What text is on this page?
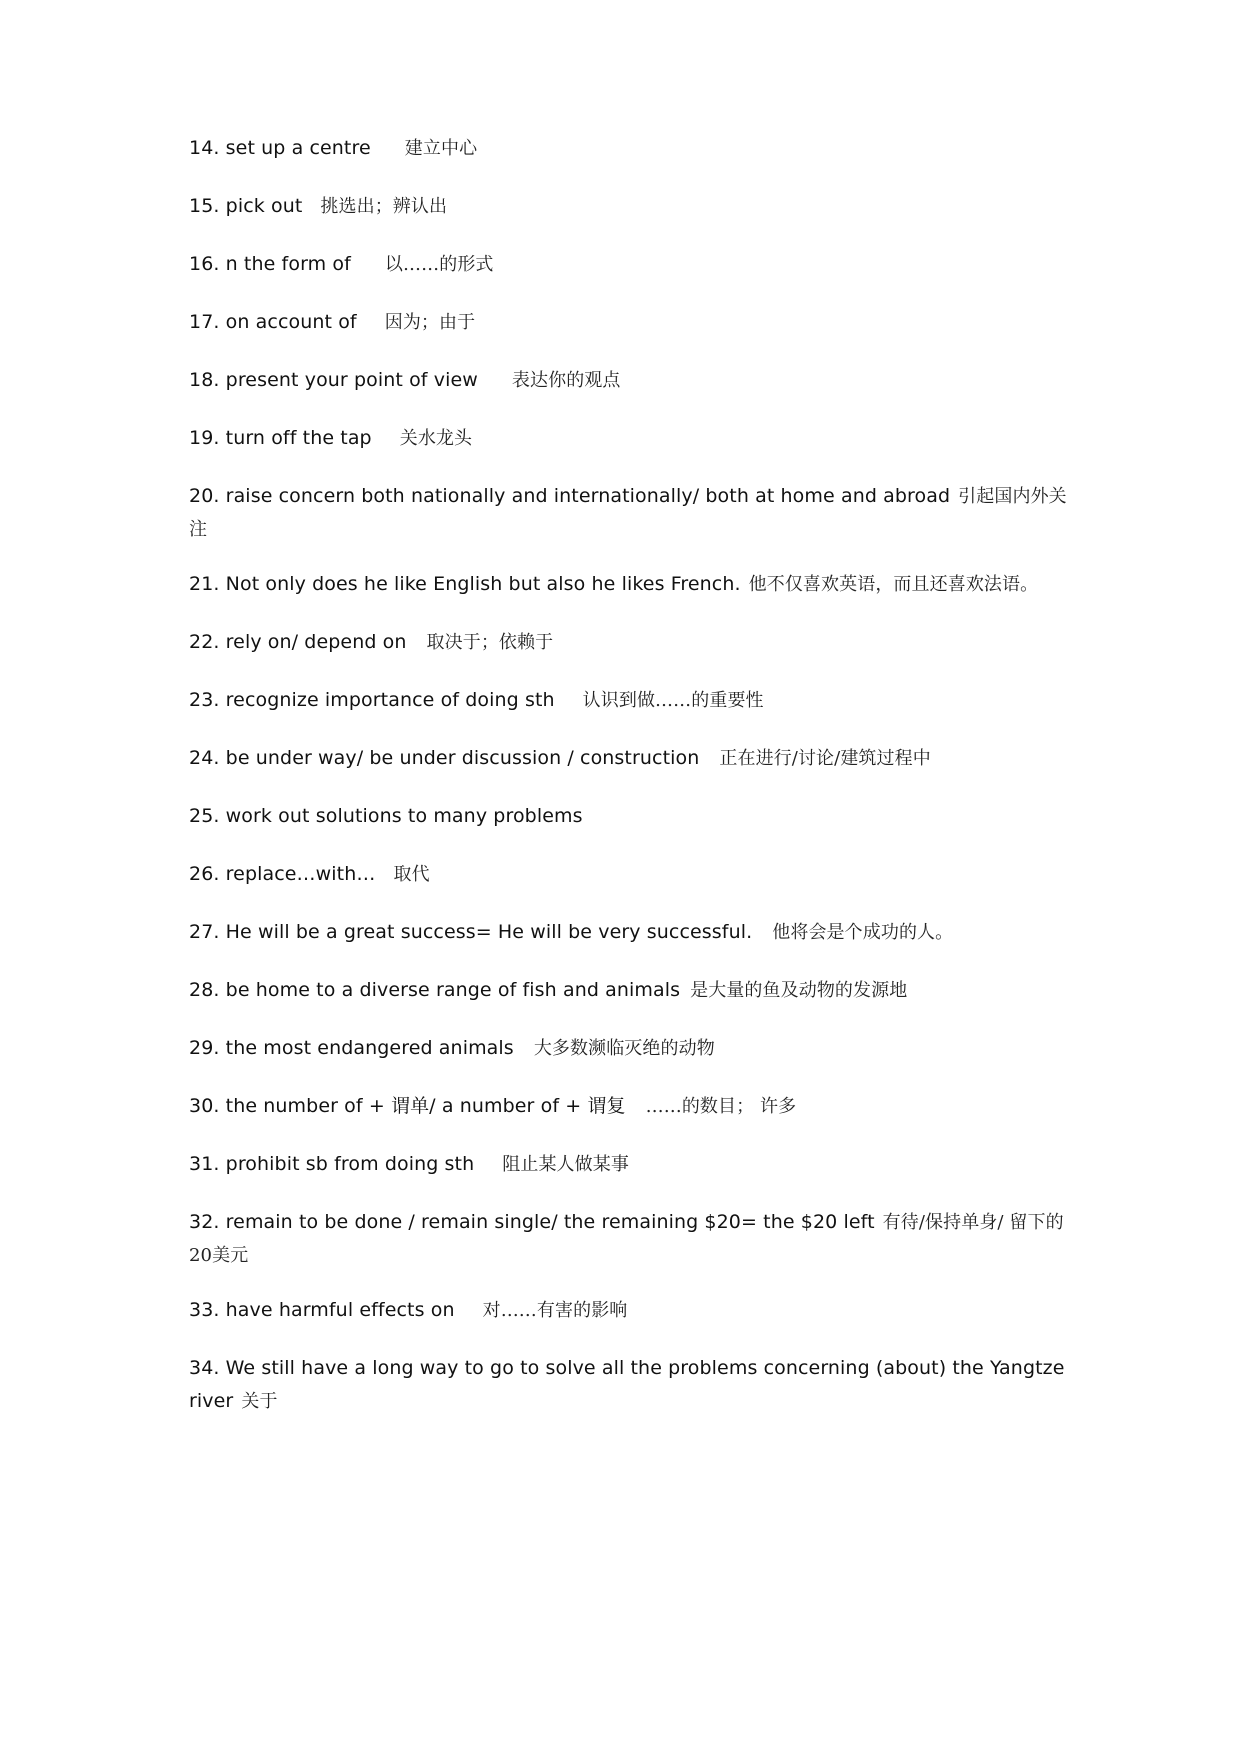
14. set up a centre 建立中心
15. pick out 挑选出；辨认出
16. n the form of 以……的形式
17. on account of 因为；由于
18. present your point of view 表达你的观点
19. turn off the tap 关水龙头
20. raise concern both nationally and internationally/ both at home and abroad 引起国内外关注
21. Not only does he like English but also he likes French. 他不仅喜欢英语，而且还喜欢法语。
22. rely on/ depend on 取决于；依赖于
23. recognize importance of doing sth 认识到做……的重要性
24. be under way/ be under discussion / construction 正在进行/讨论/建筑过程中
25. work out solutions to many problems
26. replace…with… 取代
27. He will be a great success= He will be very successful. 他将会是个成功的人。
28. be home to a diverse range of fish and animals 是大量的鱼及动物的发源地
29. the most endangered animals 大多数濒临灭绝的动物
30. the number of + 谓单/ a number of + 谓复 ……的数目； 许多
31. prohibit sb from doing sth 阻止某人做某事
32. remain to be done / remain single/ the remaining $20= the $20 left 有待/保持单身/ 留下的20美元
33. have harmful effects on 对……有害的影响
34. We still have a long way to go to solve all the problems concerning (about) the Yangtze river 关于
